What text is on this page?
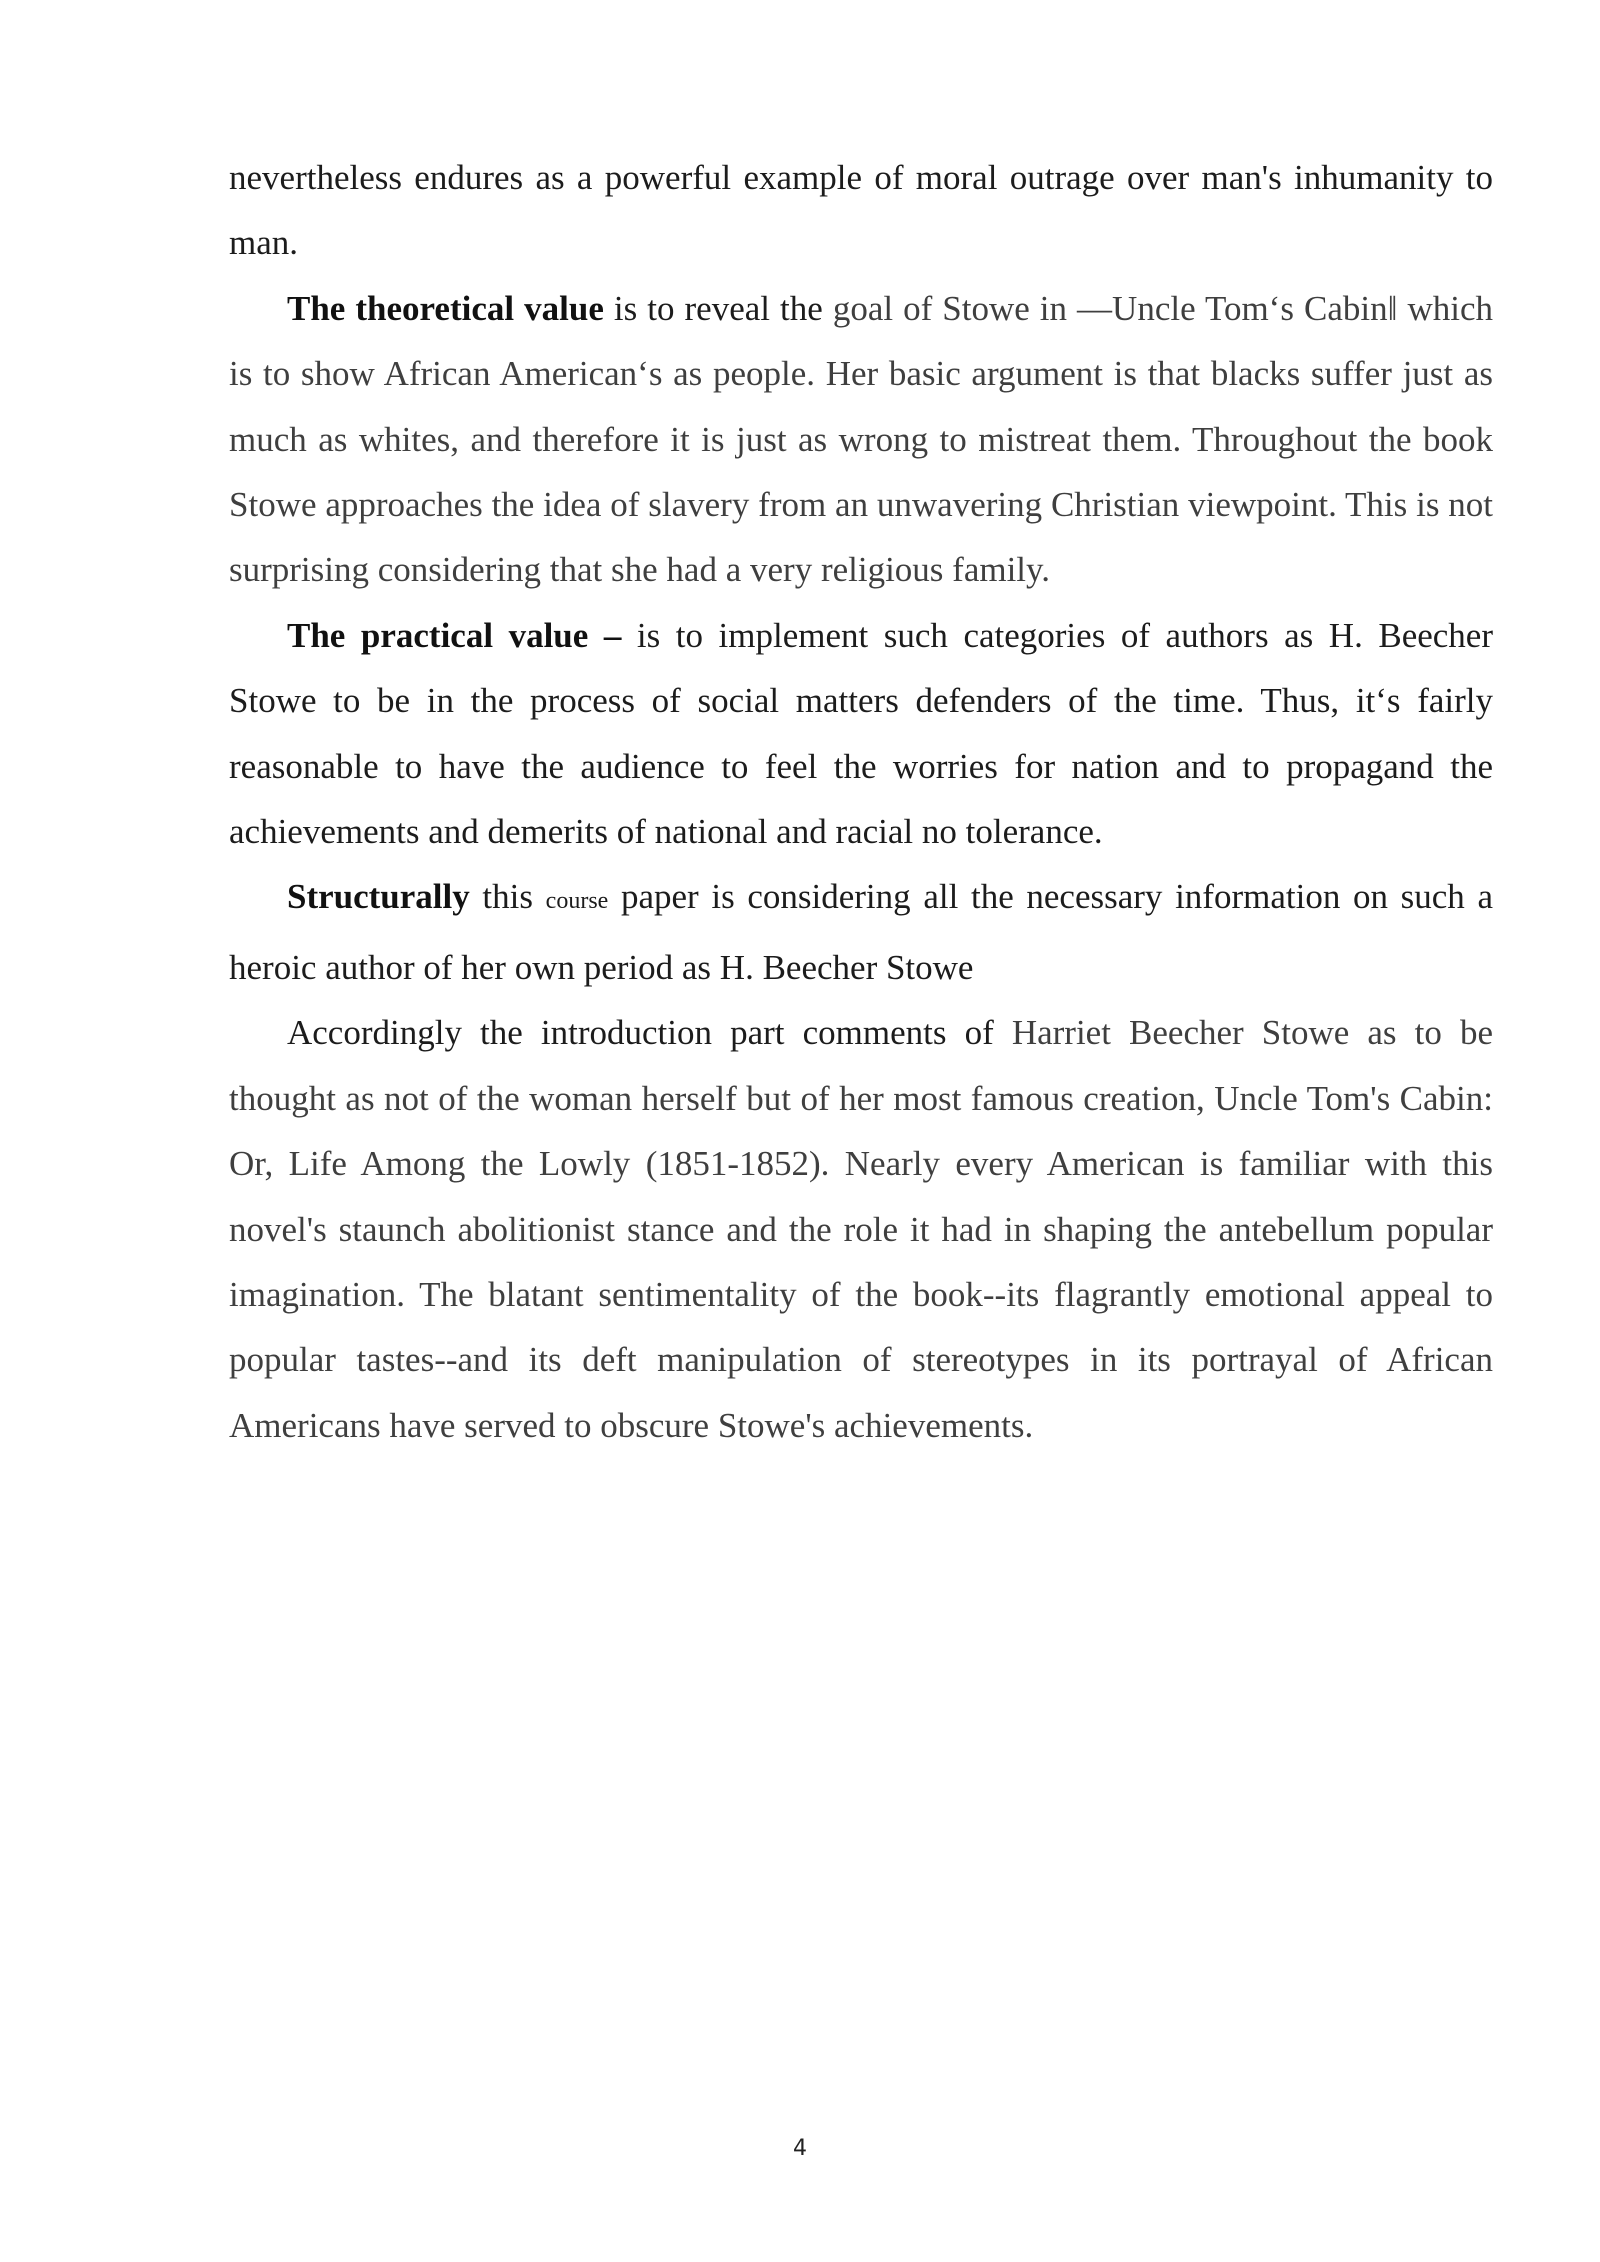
nevertheless endures as a powerful example of moral outrage over man's inhumanity to man.

The theoretical value is to reveal the goal of Stowe in —Uncle Tom‘s Cabin‖ which is to show African American‘s as people. Her basic argument is that blacks suffer just as much as whites, and therefore it is just as wrong to mistreat them. Throughout the book Stowe approaches the idea of slavery from an unwavering Christian viewpoint. This is not surprising considering that she had a very religious family.

The practical value – is to implement such categories of authors as H. Beecher Stowe to be in the process of social matters defenders of the time. Thus, it‘s fairly reasonable to have the audience to feel the worries for nation and to propagand the achievements and demerits of national and racial no tolerance.

Structurally this course paper is considering all the necessary information on such a heroic author of her own period as H. Beecher Stowe

Accordingly the introduction part comments of Harriet Beecher Stowe as to be thought as not of the woman herself but of her most famous creation, Uncle Tom's Cabin: Or, Life Among the Lowly (1851-1852). Nearly every American is familiar with this novel's staunch abolitionist stance and the role it had in shaping the antebellum popular imagination. The blatant sentimentality of the book--its flagrantly emotional appeal to popular tastes--and its deft manipulation of stereotypes in its portrayal of African Americans have served to obscure Stowe's achievements.

4
